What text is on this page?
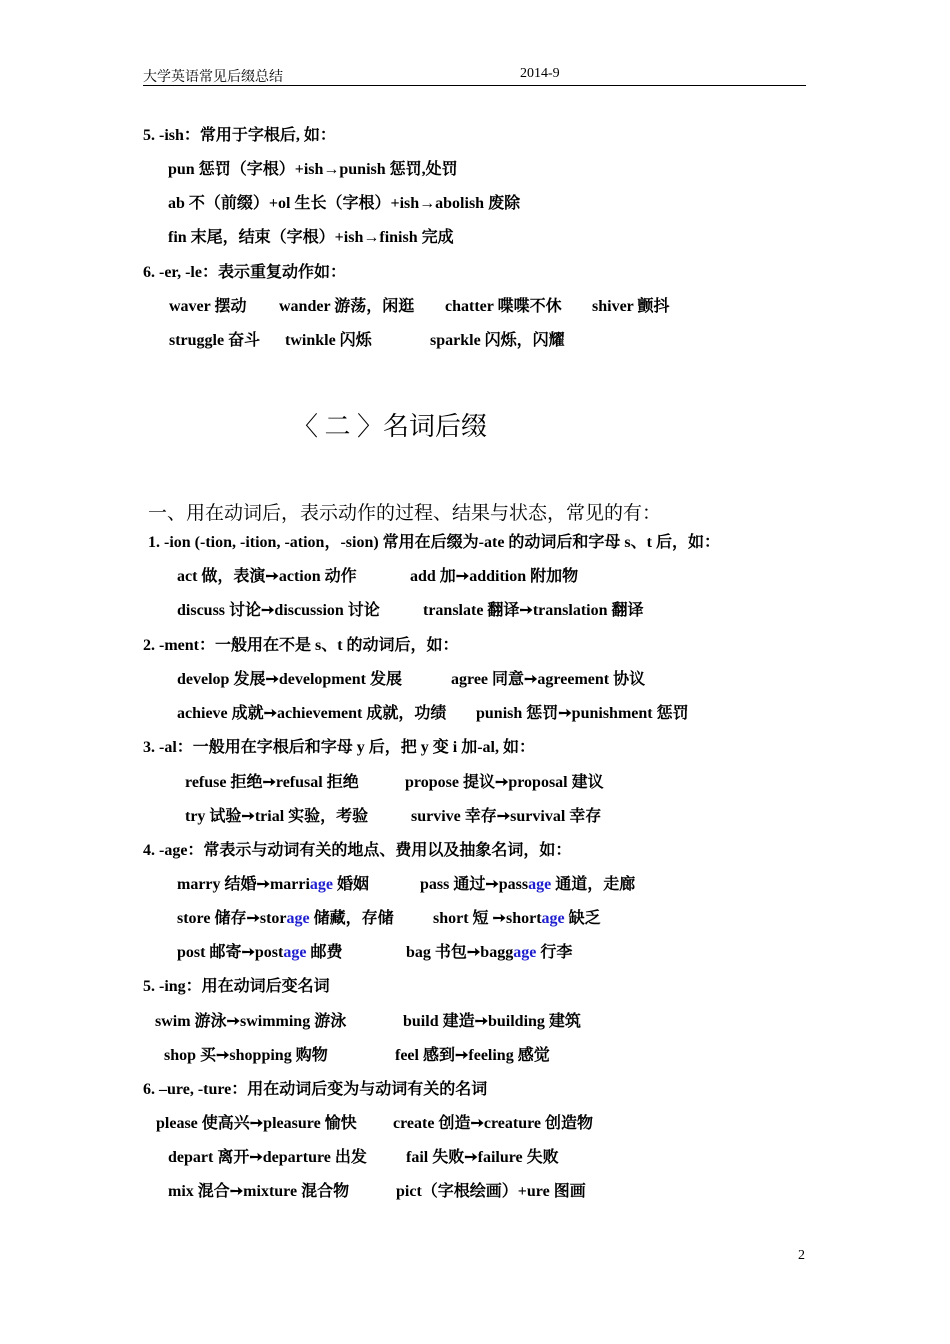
大学英语常见后缀总结	2014-9
5. -ish：常用于字根后, 如：
pun 惩罚（字根）+ish→punish 惩罚,处罚
ab 不（前缀）+ol 生长（字根）+ish→abolish 废除
fin 末尾，结束（字根）+ish→finish 完成
6. -er, -le：表示重复动作如：
waver 摆动 wander 游荡，闲逛 chatter 喋喋不休 shiver 颤抖
struggle 奋斗 twinkle 闪烁	sparkle 闪烁，闪耀
〈 二 〉名词后缀
一、用在动词后，表示动作的过程、结果与状态，常见的有：
1. -ion (-tion, -ition, -ation，-sion) 常用在后缀为-ate 的动词后和字母 s、t 后，如：
act 做，表演➙action 动作	add 加➙addition 附加物
discuss 讨论➙discussion 讨论	translate 翻译➙translation 翻译
2. -ment：一般用在不是 s、t 的动词后，如：
develop 发展➙development 发展	agree 同意➙agreement 协议
achieve 成就➙achievement 成就，功绩 punish 惩罚➙punishment 惩罚
3. -al：一般用在字根后和字母 y 后，把 y 变 i 加-al, 如：
refuse 拒绝➙refusal 拒绝	propose 提议➙proposal 建议
try 试验➙trial 实验，考验	survive 幸存➙survival 幸存
4. -age：常表示与动词有关的地点、费用以及抽象名词，如：
marry 结婚➙marriage 婚姻	pass 通过➙passage 通道，走廊
store 储存➙storage 储藏，存储 short 短 ➙shortage 缺乏
post 邮寄➙postage 邮费	bag 书包➙baggage 行李
5. -ing：用在动词后变名词
swim 游泳➙swimming 游泳	build 建造➙building 建筑
shop 买➙shopping 购物	feel 感到➙feeling 感觉
6. –ure, -ture：用在动词后变为与动词有关的名词
please 使高兴➙pleasure 愉快 create 创造➙creature 创造物
depart 离开➙departure 出发 fail 失败➙failure 失败
mix 混合➙mixture 混合物	pict（字根绘画）+ure 图画
2
